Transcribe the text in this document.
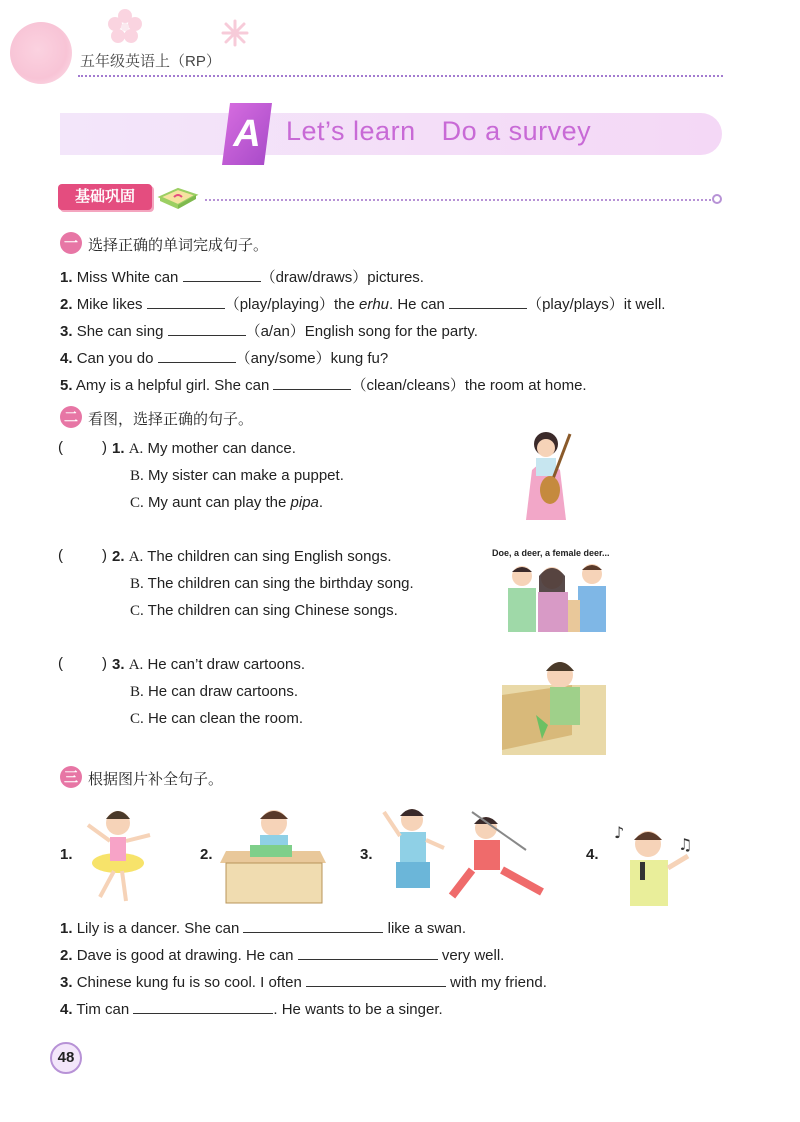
五年级英语上（RP）
A Let’s learn Do a survey
基础巩固
一 选择正确的单词完成句子。
1. Miss White can	（draw/draws）pictures.
2. Mike likes	（play/playing）the erhu. He can	（play/plays）it well.
3. She can sing	（a/an）English song for the party.
4. Can you do	（any/some）kung fu?
5. Amy is a helpful girl. She can	（clean/cleans）the room at home.
二 看图，选择正确的句子。
(	) 1. A. My mother can dance.
B. My sister can make a puppet.
C. My aunt can play the pipa.
(	) 2. A. The children can sing English songs.
B. The children can sing the birthday song.
C. The children can sing Chinese songs.
Doe, a deer, a female deer...
(	) 3. A. He can’t draw cartoons.
B. He can draw cartoons.
C. He can clean the room.
三 根据图片补全句子。
1.	2.	3.	4.
♪
♫
1. Lily is a dancer. She can	like a swan.
2. Dave is good at drawing. He can	very well.
3. Chinese kung fu is so cool. I often	with my friend.
4. Tim can	. He wants to be a singer.
48
